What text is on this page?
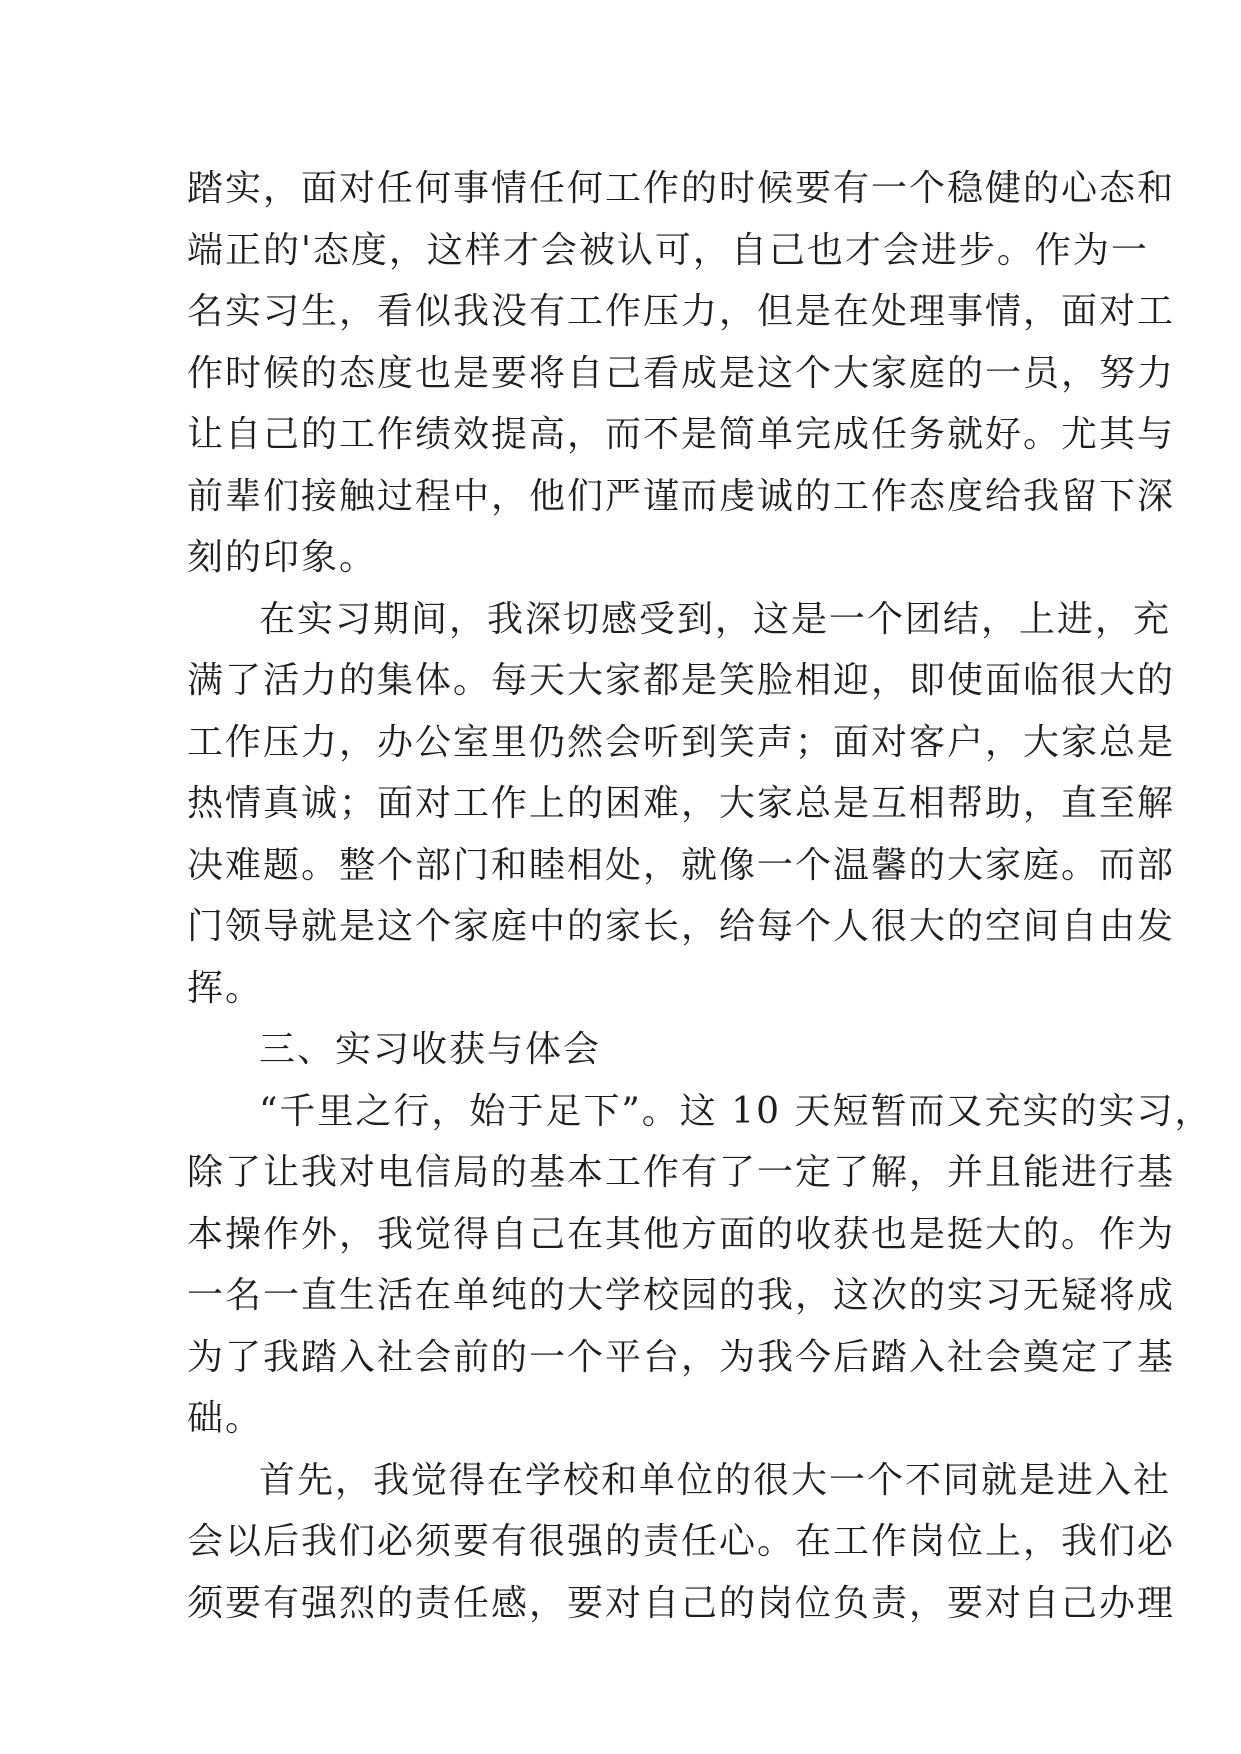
踏实，面对任何事情任何工作的时候要有一个稳健的心态和
端正的'态度，这样才会被认可，自己也才会进步。作为一
名实习生，看似我没有工作压力，但是在处理事情，面对工
作时候的态度也是要将自己看成是这个大家庭的一员，努力
让自己的工作绩效提高，而不是简单完成任务就好。尤其与
前辈们接触过程中，他们严谨而虔诚的工作态度给我留下深
刻的印象。
在实习期间，我深切感受到，这是一个团结，上进，充
满了活力的集体。每天大家都是笑脸相迎，即使面临很大的
工作压力，办公室里仍然会听到笑声；面对客户，大家总是
热情真诚；面对工作上的困难，大家总是互相帮助，直至解
决难题。整个部门和睦相处，就像一个温馨的大家庭。而部
门领导就是这个家庭中的家长，给每个人很大的空间自由发
挥。
三、实习收获与体会
“千里之行，始于足下”。这 10 天短暂而又充实的实习，
除了让我对电信局的基本工作有了一定了解，并且能进行基
本操作外，我觉得自己在其他方面的收获也是挺大的。作为
一名一直生活在单纯的大学校园的我，这次的实习无疑将成
为了我踏入社会前的一个平台，为我今后踏入社会奠定了基
础。
首先，我觉得在学校和单位的很大一个不同就是进入社
会以后我们必须要有很强的责任心。在工作岗位上，我们必
须要有强烈的责任感，要对自己的岗位负责，要对自己办理
